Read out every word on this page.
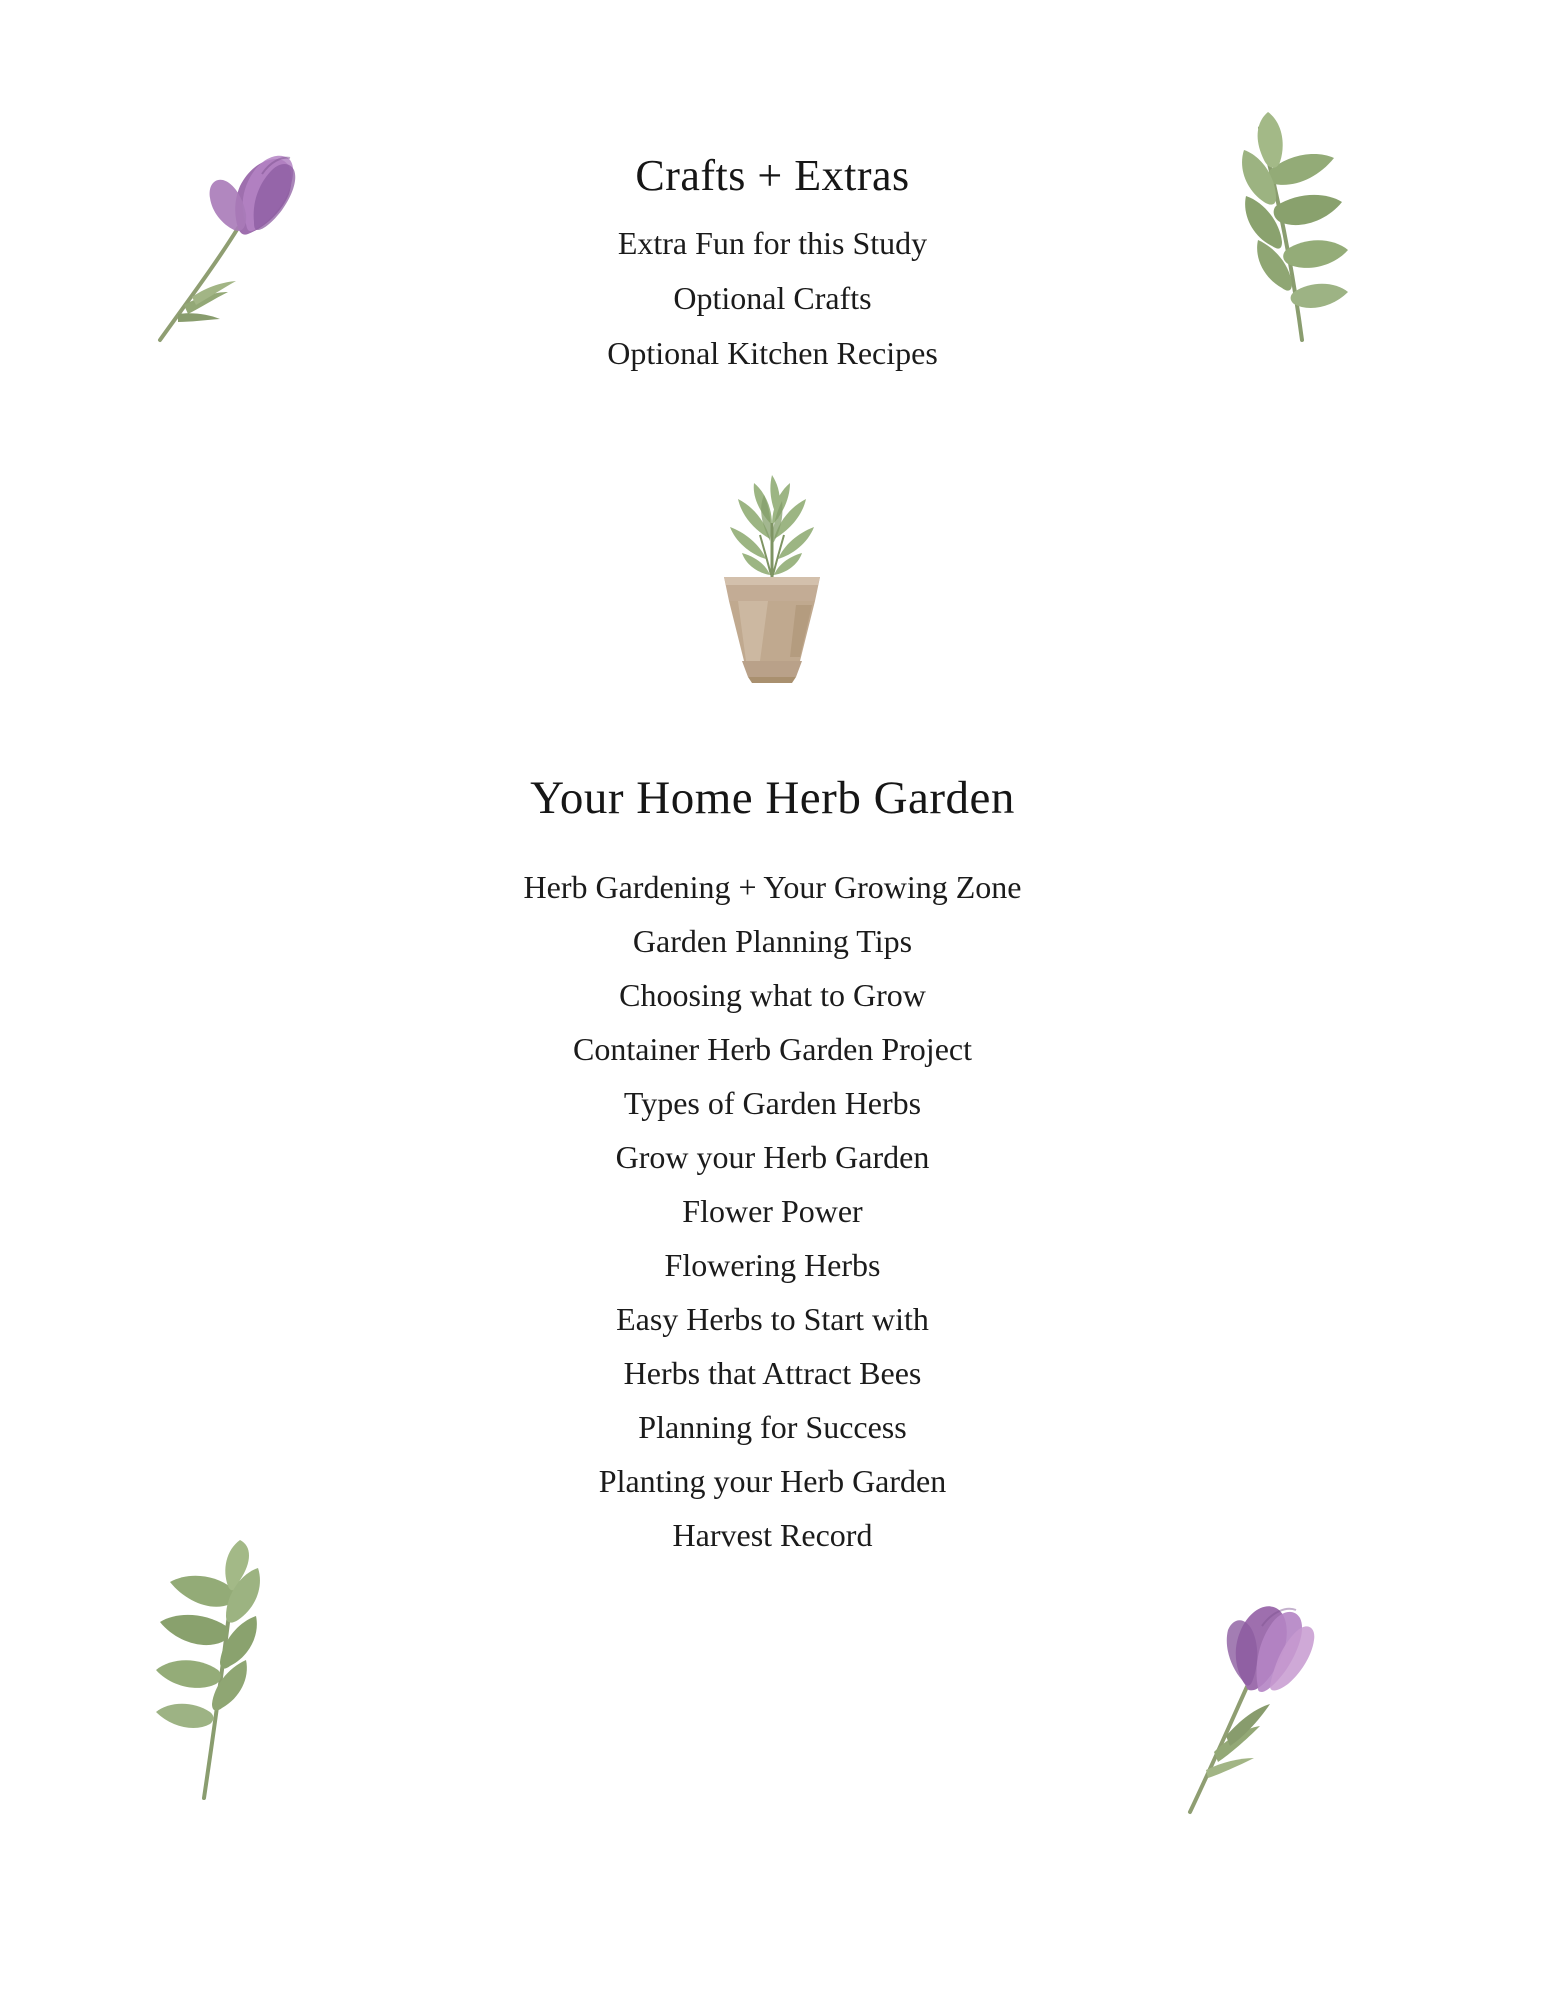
Crafts + Extras
Extra Fun for this Study
Optional Crafts
Optional Kitchen Recipes
Your Home Herb Garden
Herb Gardening + Your Growing Zone
Garden Planning Tips
Choosing what to Grow
Container Herb Garden Project
Types of Garden Herbs
Grow your Herb Garden
Flower Power
Flowering Herbs
Easy Herbs to Start with
Herbs that Attract Bees
Planning for Success
Planting your Herb Garden
Harvest Record
